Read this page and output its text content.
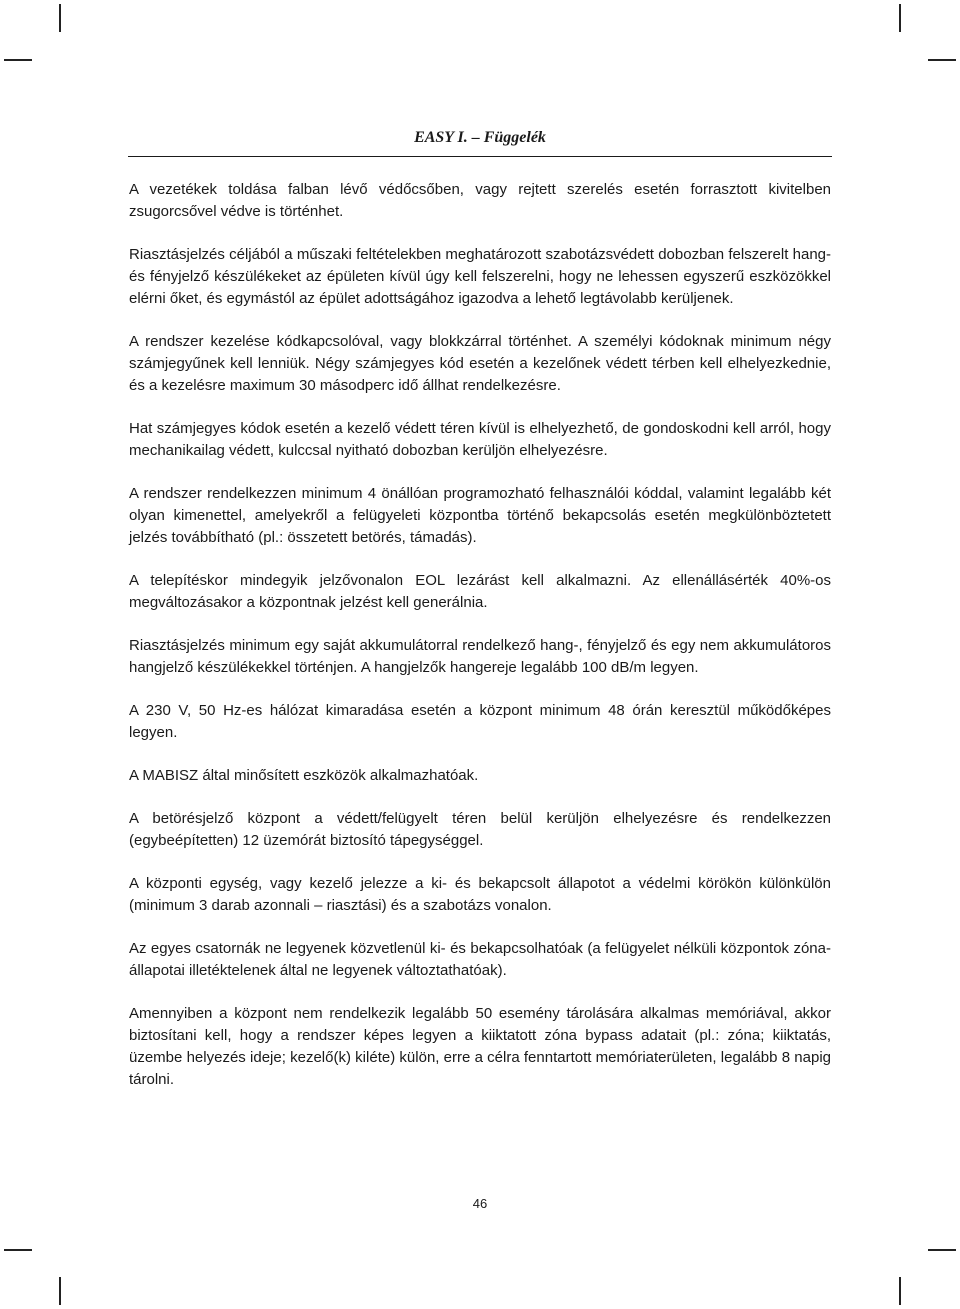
EASY I. – Függelék

A vezetékek toldása falban lévő védőcsőben, vagy rejtett szerelés esetén forrasztott kivitelben zsugorcsővel védve is történhet.

Riasztásjelzés céljából a műszaki feltételekben meghatározott szabotázsvédett dobozban felszerelt hang- és fényjelző készülékeket az épületen kívül úgy kell felszerelni, hogy ne lehessen egyszerű eszközökkel elérni őket, és egymástól az épület adottságához igazodva a lehető legtávolabb kerüljenek.

A rendszer kezelése kódkapcsolóval, vagy blokkzárral történhet. A személyi kódoknak minimum négy számjegyűnek kell lenniük. Négy számjegyes kód esetén a kezelőnek védett térben kell elhelyezkednie, és a kezelésre maximum 30 másodperc idő állhat rendelkezésre.

Hat számjegyes kódok esetén a kezelő védett téren kívül is elhelyezhető, de gondoskodni kell arról, hogy mechanikailag védett, kulccsal nyitható dobozban kerüljön elhelyezésre.

A rendszer rendelkezzen minimum 4 önállóan programozható felhasználói kóddal, valamint legalább két olyan kimenettel, amelyekről a felügyeleti központba történő bekapcsolás esetén megkülönböztetett jelzés továbbítható (pl.: összetett betörés, támadás).

A telepítéskor mindegyik jelzővonalon EOL lezárást kell alkalmazni. Az ellenállásérték 40%-os megváltozásakor a központnak jelzést kell generálnia.

Riasztásjelzés minimum egy saját akkumulátorral rendelkező hang-, fényjelző és egy nem akkumulátoros hangjelző készülékekkel történjen. A hangjelzők hangereje legalább 100 dB/m legyen.

A 230 V, 50 Hz-es hálózat kimaradása esetén a központ minimum 48 órán keresztül működőképes legyen.

A MABISZ által minősített eszközök alkalmazhatóak.

A betörésjelző központ a védett/felügyelt téren belül kerüljön elhelyezésre és rendelkezzen (egybeépítetten) 12 üzemórát biztosító tápegységgel.

A központi egység, vagy kezelő jelezze a ki- és bekapcsolt állapotot a védelmi körökön különkülön (minimum 3 darab azonnali – riasztási) és a szabotázs vonalon.

Az egyes csatornák ne legyenek közvetlenül ki- és bekapcsolhatóak (a felügyelet nélküli központok zóna-állapotai illetéktelenek által ne legyenek változtathatóak).

Amennyiben a központ nem rendelkezik legalább 50 esemény tárolására alkalmas memóriával, akkor biztosítani kell, hogy a rendszer képes legyen a kiiktatott zóna bypass adatait (pl.: zóna; kiiktatás, üzembe helyezés ideje; kezelő(k) kiléte) külön, erre a célra fenntartott memóriaterületen, legalább 8 napig tárolni.

46
